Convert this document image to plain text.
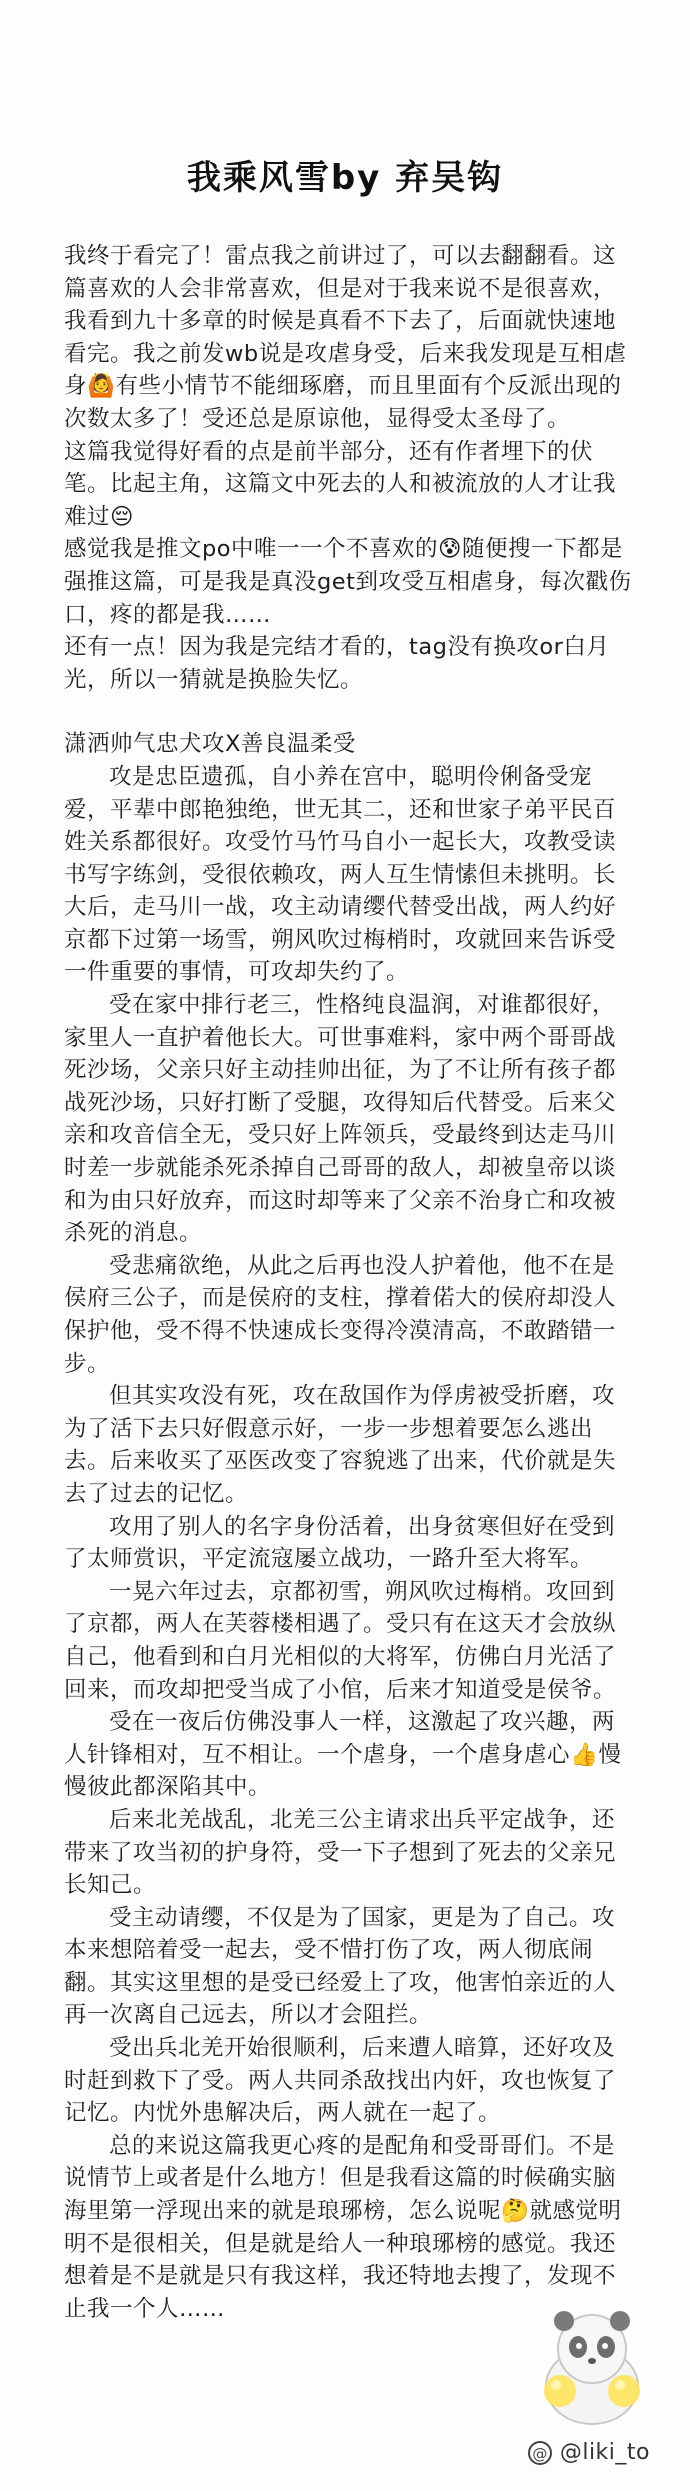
我乘风雪by 弃吴钩

我终于看完了！雷点我之前讲过了，可以去翻翻看。这篇喜欢的人会非常喜欢，但是对于我来说不是很喜欢，我看到九十多章的时候是真看不下去了，后面就快速地看完。我之前发wb说是攻虐身受，后来我发现是互相虐身🙆有些小情节不能细琢磨，而且里面有个反派出现的次数太多了！受还总是原谅他，显得受太圣母了。

这篇我觉得好看的点是前半部分，还有作者埋下的伏笔。比起主角，这篇文中死去的人和被流放的人才让我难过😔

感觉我是推文po中唯一一个不喜欢的😰随便搜一下都是强推这篇，可是我是真没get到攻受互相虐身，每次戳伤口，疼的都是我……

还有一点！因为我是完结才看的，tag没有换攻or白月光，所以一猜就是换脸失忆。

潇洒帅气忠犬攻X善良温柔受

攻是忠臣遗孤，自小养在宫中，聪明伶俐备受宠爱，平辈中郎艳独绝，世无其二，还和世家子弟平民百姓关系都很好。攻受竹马竹马自小一起长大，攻教受读书写字练剑，受很依赖攻，两人互生情愫但未挑明。长大后，走马川一战，攻主动请缨代替受出战，两人约好京都下过第一场雪，朔风吹过梅梢时，攻就回来告诉受一件重要的事情，可攻却失约了。

受在家中排行老三，性格纯良温润，对谁都很好，家里人一直护着他长大。可世事难料，家中两个哥哥战死沙场，父亲只好主动挂帅出征，为了不让所有孩子都战死沙场，只好打断了受腿，攻得知后代替受。后来父亲和攻音信全无，受只好上阵领兵，受最终到达走马川时差一步就能杀死杀掉自己哥哥的敌人，却被皇帝以谈和为由只好放弃，而这时却等来了父亲不治身亡和攻被杀死的消息。

受悲痛欲绝，从此之后再也没人护着他，他不在是侯府三公子，而是侯府的支柱，撑着偌大的侯府却没人保护他，受不得不快速成长变得冷漠清高，不敢踏错一步。

但其实攻没有死，攻在敌国作为俘虏被受折磨，攻为了活下去只好假意示好，一步一步想着要怎么逃出去。后来收买了巫医改变了容貌逃了出来，代价就是失去了过去的记忆。

攻用了别人的名字身份活着，出身贫寒但好在受到了太师赏识，平定流寇屡立战功，一路升至大将军。

一晃六年过去，京都初雪，朔风吹过梅梢。攻回到了京都，两人在芙蓉楼相遇了。受只有在这天才会放纵自己，他看到和白月光相似的大将军，仿佛白月光活了回来，而攻却把受当成了小倌，后来才知道受是侯爷。

受在一夜后仿佛没事人一样，这激起了攻兴趣，两人针锋相对，互不相让。一个虐身，一个虐身虐心👍慢慢彼此都深陷其中。

后来北羌战乱，北羌三公主请求出兵平定战争，还带来了攻当初的护身符，受一下子想到了死去的父亲兄长知己。

受主动请缨，不仅是为了国家，更是为了自己。攻本来想陪着受一起去，受不惜打伤了攻，两人彻底闹翻。其实这里想的是受已经爱上了攻，他害怕亲近的人再一次离自己远去，所以才会阻拦。

受出兵北羌开始很顺利，后来遭人暗算，还好攻及时赶到救下了受。两人共同杀敌找出内奸，攻也恢复了记忆。内忧外患解决后，两人就在一起了。

总的来说这篇我更心疼的是配角和受哥哥们。不是说情节上或者是什么地方！但是我看这篇的时候确实脑海里第一浮现出来的就是琅琊榜，怎么说呢🤔就感觉明明不是很相关，但是就是给人一种琅琊榜的感觉。我还想着是不是就是只有我这样，我还特地去搜了，发现不止我一个人……

@ @liki_to
